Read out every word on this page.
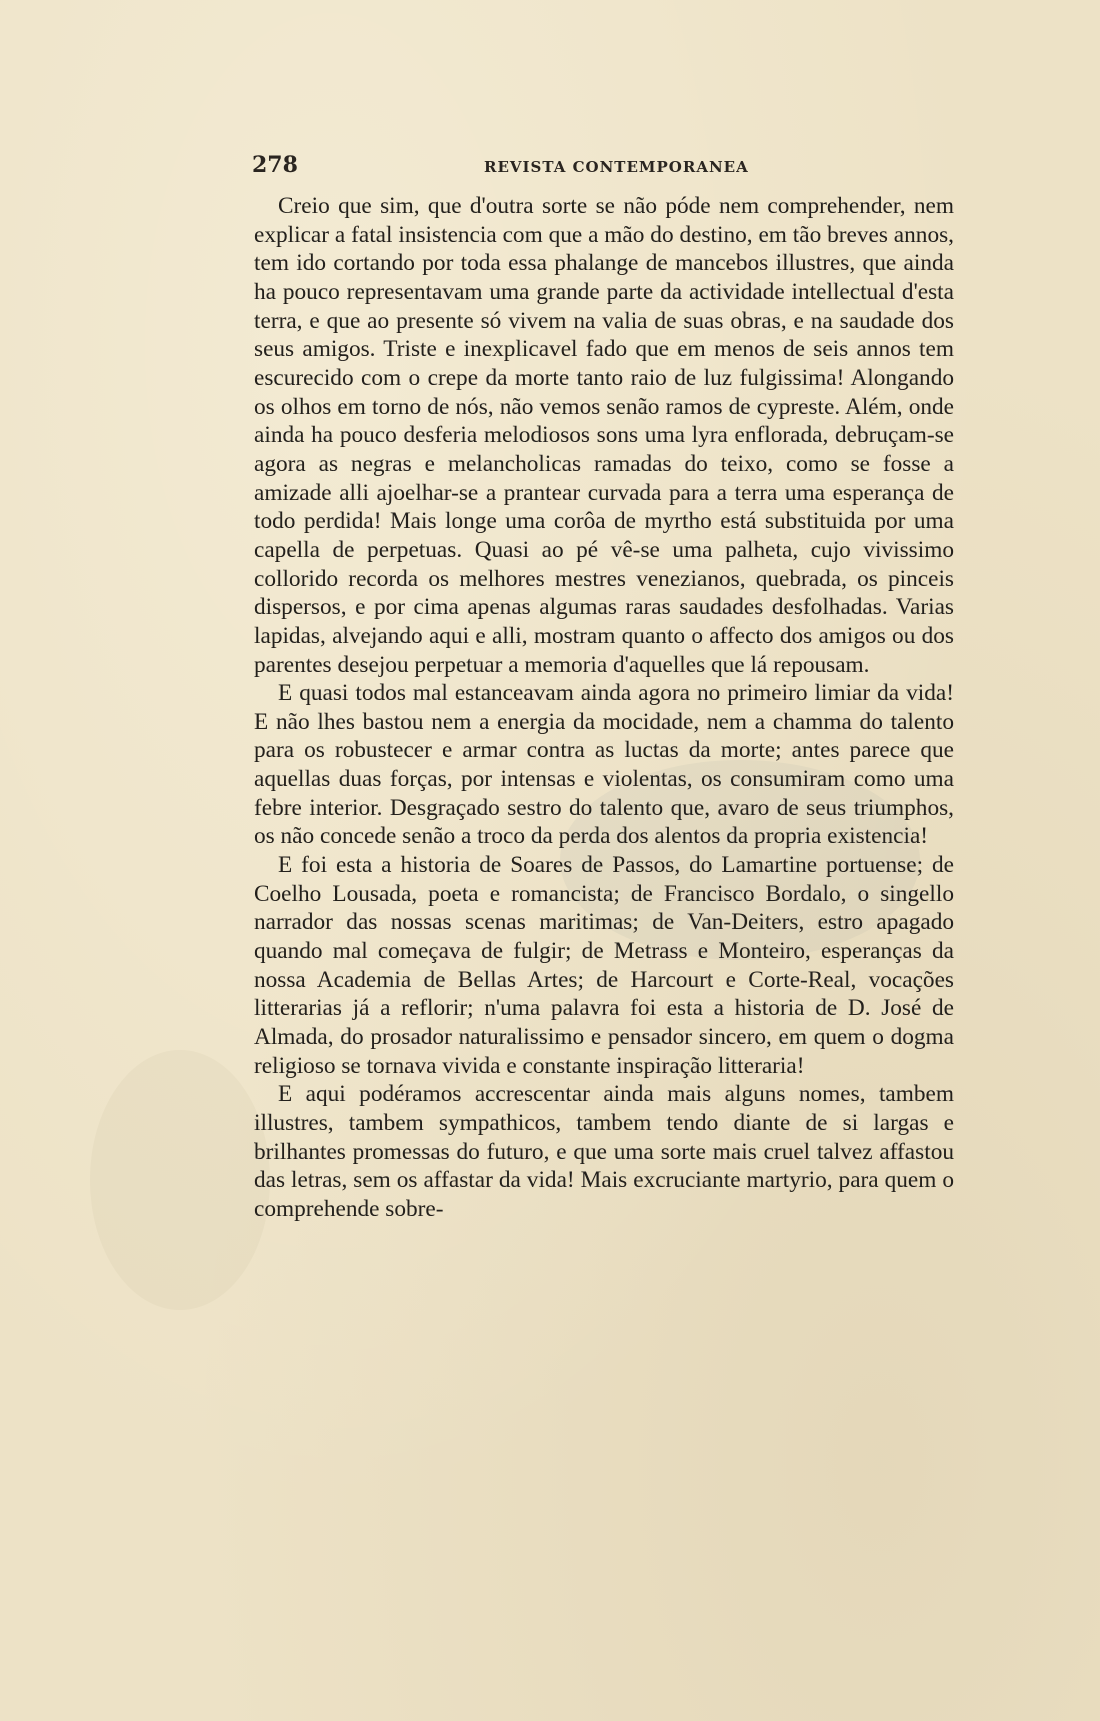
278	REVISTA CONTEMPORANEA

Creio que sim, que d'outra sorte se não póde nem comprehender, nem explicar a fatal insistencia com que a mão do destino, em tão breves annos, tem ido cortando por toda essa phalange de mancebos illustres, que ainda ha pouco representavam uma grande parte da actividade intellectual d'esta terra, e que ao presente só vivem na valia de suas obras, e na saudade dos seus amigos. Triste e inexplicavel fado que em menos de seis annos tem escurecido com o crepe da morte tanto raio de luz fulgissima! Alongando os olhos em torno de nós, não vemos senão ramos de cypreste. Além, onde ainda ha pouco desferia melodiosos sons uma lyra enflorada, debruçam-se agora as negras e melancholicas ramadas do teixo, como se fosse a amizade alli ajoelhar-se a prantear curvada para a terra uma esperança de todo perdida! Mais longe uma corôa de myrtho está substituida por uma capella de perpetuas. Quasi ao pé vê-se uma palheta, cujo vivissimo collorido recorda os melhores mestres venezianos, quebrada, os pinceis dispersos, e por cima apenas algumas raras saudades desfolhadas. Varias lapidas, alvejando aqui e alli, mostram quanto o affecto dos amigos ou dos parentes desejou perpetuar a memoria d'aquelles que lá repousam.

E quasi todos mal estanceavam ainda agora no primeiro limiar da vida! E não lhes bastou nem a energia da mocidade, nem a chamma do talento para os robustecer e armar contra as luctas da morte; antes parece que aquellas duas forças, por intensas e violentas, os consumiram como uma febre interior. Desgraçado sestro do talento que, avaro de seus triumphos, os não concede senão a troco da perda dos alentos da propria existencia!

E foi esta a historia de Soares de Passos, do Lamartine portuense; de Coelho Lousada, poeta e romancista; de Francisco Bordalo, o singello narrador das nossas scenas maritimas; de Van-Deiters, estro apagado quando mal começava de fulgir; de Metrass e Monteiro, esperanças da nossa Academia de Bellas Artes; de Harcourt e Corte-Real, vocações litterarias já a reflorir; n'uma palavra foi esta a historia de D. José de Almada, do prosador naturalissimo e pensador sincero, em quem o dogma religioso se tornava vivida e constante inspiração litteraria!

E aqui podéramos accrescentar ainda mais alguns nomes, tambem illustres, tambem sympathicos, tambem tendo diante de si largas e brilhantes promessas do futuro, e que uma sorte mais cruel talvez affastou das letras, sem os affastar da vida! Mais excruciante martyrio, para quem o comprehende sobre-
